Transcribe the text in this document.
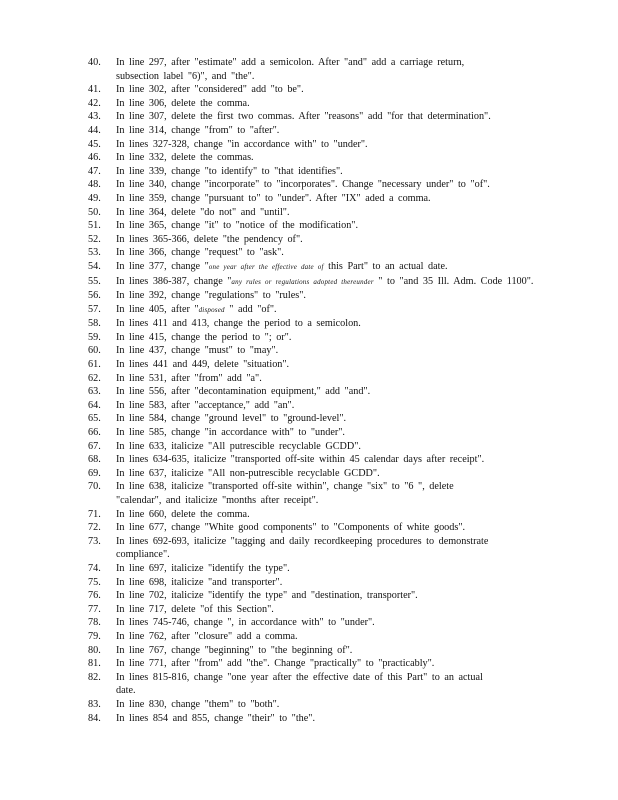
40. In line 297, after "estimate" add a semicolon. After "and" add a carriage return,
subsection label "6)", and "the".
41. In line 302, after "considered" add "to be".
42. In line 306, delete the comma.
43. In line 307, delete the first two commas. After "reasons" add "for that determination".
44. In line 314, change "from" to "after".
45. In lines 327-328, change "in accordance with" to "under".
46. In line 332, delete the commas.
47. In line 339, change "to identify" to "that identifies".
48. In line 340, change "incorporate" to "incorporates". Change "necessary under" to "of".
49. In line 359, change "pursuant to" to "under". After "IX" aded a comma.
50. In line 364, delete "do not" and "until".
51. In line 365, change "it" to "notice of the modification".
52. In lines 365-366, delete "the pendency of".
53. In line 366, change "request" to "ask".
54. In line 377, change "one year after the effective date of this Part" to an actual date.
55. In lines 386-387, change "any rules or regulations adopted thereunder " to "and 35 Ill. Adm. Code 1100".
56. In line 392, change "regulations" to "rules".
57. In line 405, after "disposed " add "of".
58. In lines 411 and 413, change the period to a semicolon.
59. In line 415, change the period to "; or".
60. In line 437, change "must" to "may".
61. In lines 441 and 449, delete "situation".
62. In line 531, after "from" add "a".
63. In line 556, after "decontamination equipment," add "and".
64. In line 583, after "acceptance," add "an".
65. In line 584, change "ground level" to "ground-level".
66. In line 585, change "in accordance with" to "under".
67. In line 633, italicize "All putrescible recyclable GCDD".
68. In lines 634-635, italicize "transported off-site within 45 calendar days after receipt".
69. In line 637, italicize "All non-putrescible recyclable GCDD".
70. In line 638, italicize "transported off-site within", change "six" to "6 ", delete
"calendar", and italicize "months after receipt".
71. In line 660, delete the comma.
72. In line 677, change "White good components" to "Components of white goods".
73. In lines 692-693, italicize "tagging and daily recordkeeping procedures to demonstrate
compliance".
74. In line 697, italicize "identify the type".
75. In line 698, italicize "and transporter".
76. In line 702, italicize "identify the type" and "destination, transporter".
77. In line 717, delete "of this Section".
78. In lines 745-746, change ", in accordance with" to "under".
79. In line 762, after "closure" add a comma.
80. In line 767, change "beginning" to "the beginning of".
81. In line 771, after "from" add "the". Change "practically" to "practicably".
82. In lines 815-816, change "one year after the effective date of this Part" to an actual
date.
83. In line 830, change "them" to "both".
84. In lines 854 and 855, change "their" to "the".
